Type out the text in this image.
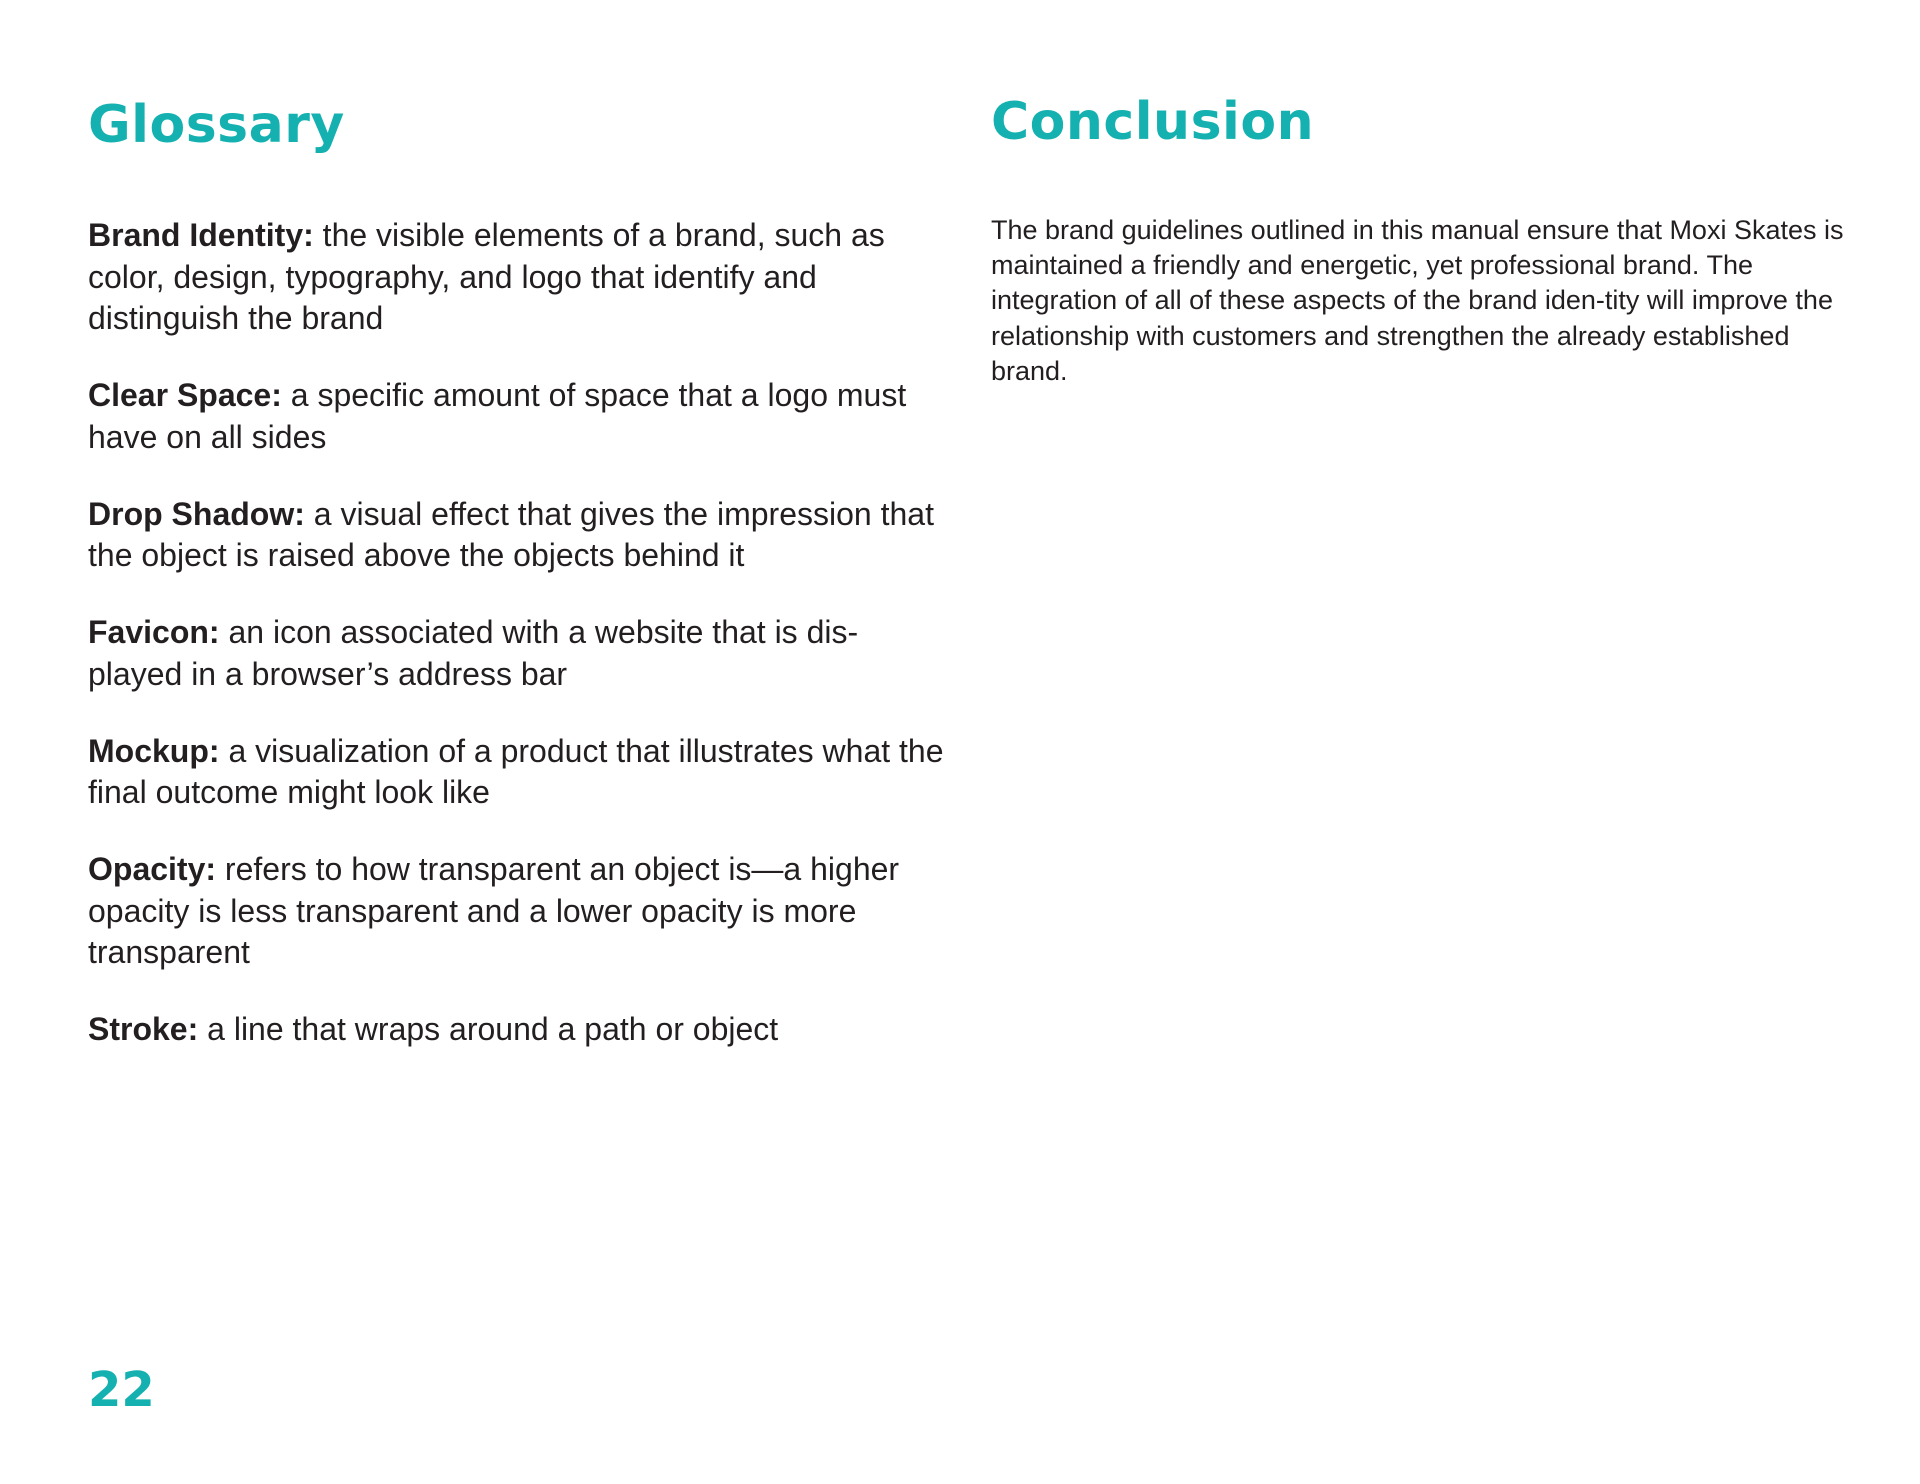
Glossary
Brand Identity: the visible elements of a brand, such as color, design, typography, and logo that identify and distinguish the brand
Clear Space: a specific amount of space that a logo must have on all sides
Drop Shadow: a visual effect that gives the impression that the object is raised above the objects behind it
Favicon: an icon associated with a website that is dis-played in a browser’s address bar
Mockup: a visualization of a product that illustrates what the final outcome might look like
Opacity: refers to how transparent an object is—a higher opacity is less transparent and a lower opacity is more transparent
Stroke: a line that wraps around a path or object
Conclusion

The brand guidelines outlined in this manual ensure that Moxi Skates is maintained a friendly and energetic, yet professional brand. The integration of all of these aspects of the brand iden-tity will improve the relationship with customers and strengthen the already established brand.

22
